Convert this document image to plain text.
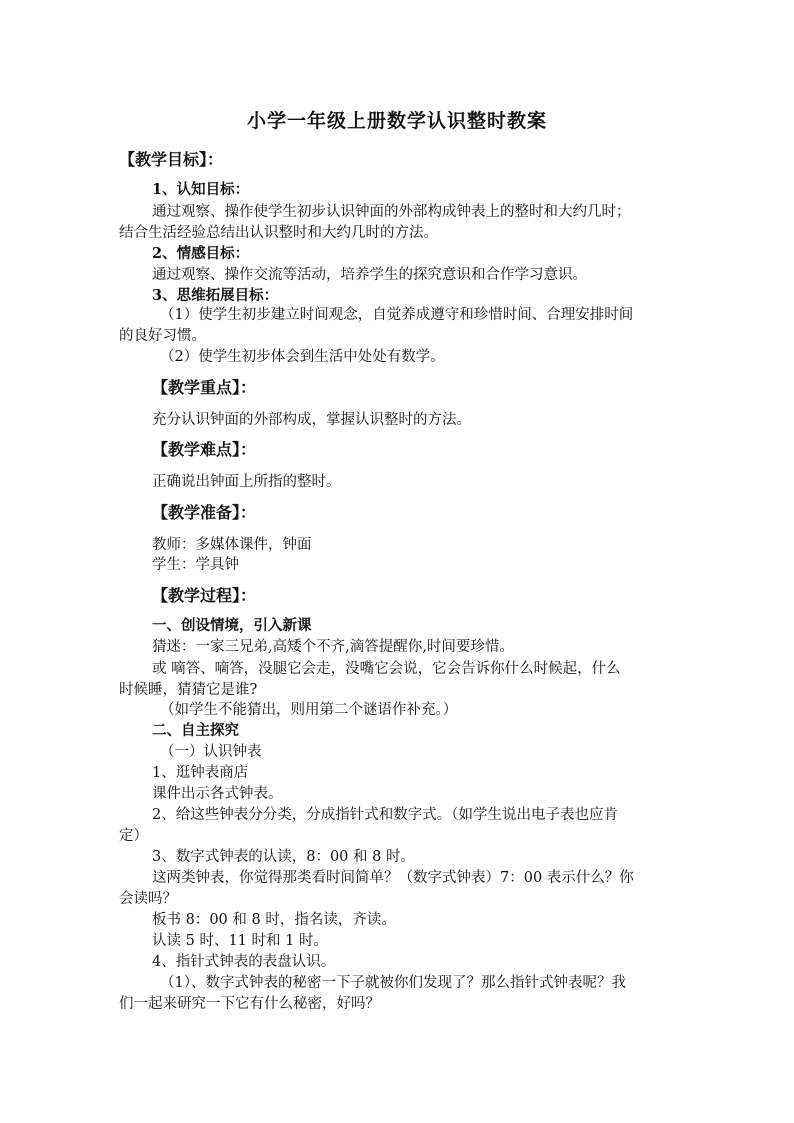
小学一年级上册数学认识整时教案
【教学目标】：
1、认知目标：
通过观察、操作使学生初步认识钟面的外部构成钟表上的整时和大约几时；
结合生活经验总结出认识整时和大约几时的方法。
2、情感目标：
通过观察、操作交流等活动，培养学生的探究意识和合作学习意识。
3、思维拓展目标：
（1）使学生初步建立时间观念，自觉养成遵守和珍惜时间、合理安排时间
的良好习惯。
（2）使学生初步体会到生活中处处有数学。
【教学重点】：
充分认识钟面的外部构成，掌握认识整时的方法。
【教学难点】：
正确说出钟面上所指的整时。
【教学准备】：
教师：多媒体课件，钟面
学生：学具钟
【教学过程】：
一、创设情境，引入新课
猜迷：一家三兄弟,高矮个不齐,滴答提醒你,时间要珍惜。
或 嘀答、嘀答，没腿它会走，没嘴它会说，它会告诉你什么时候起，什么
时候睡，猜猜它是谁?
（如学生不能猜出，则用第二个谜语作补充。）
二、自主探究
（一）认识钟表
1、逛钟表商店
课件出示各式钟表。
2、给这些钟表分分类，分成指针式和数字式。（如学生说出电子表也应肯
定）
3、数字式钟表的认读，8：00 和 8 时。
这两类钟表，你觉得那类看时间简单？（数字式钟表）7：00 表示什么？你
会读吗？
板书 8：00 和 8 时，指名读，齐读。
认读 5 时、11 时和 1 时。
4、指针式钟表的表盘认识。
（1）、数字式钟表的秘密一下子就被你们发现了？那么指针式钟表呢？我
们一起来研究一下它有什么秘密，好吗？
